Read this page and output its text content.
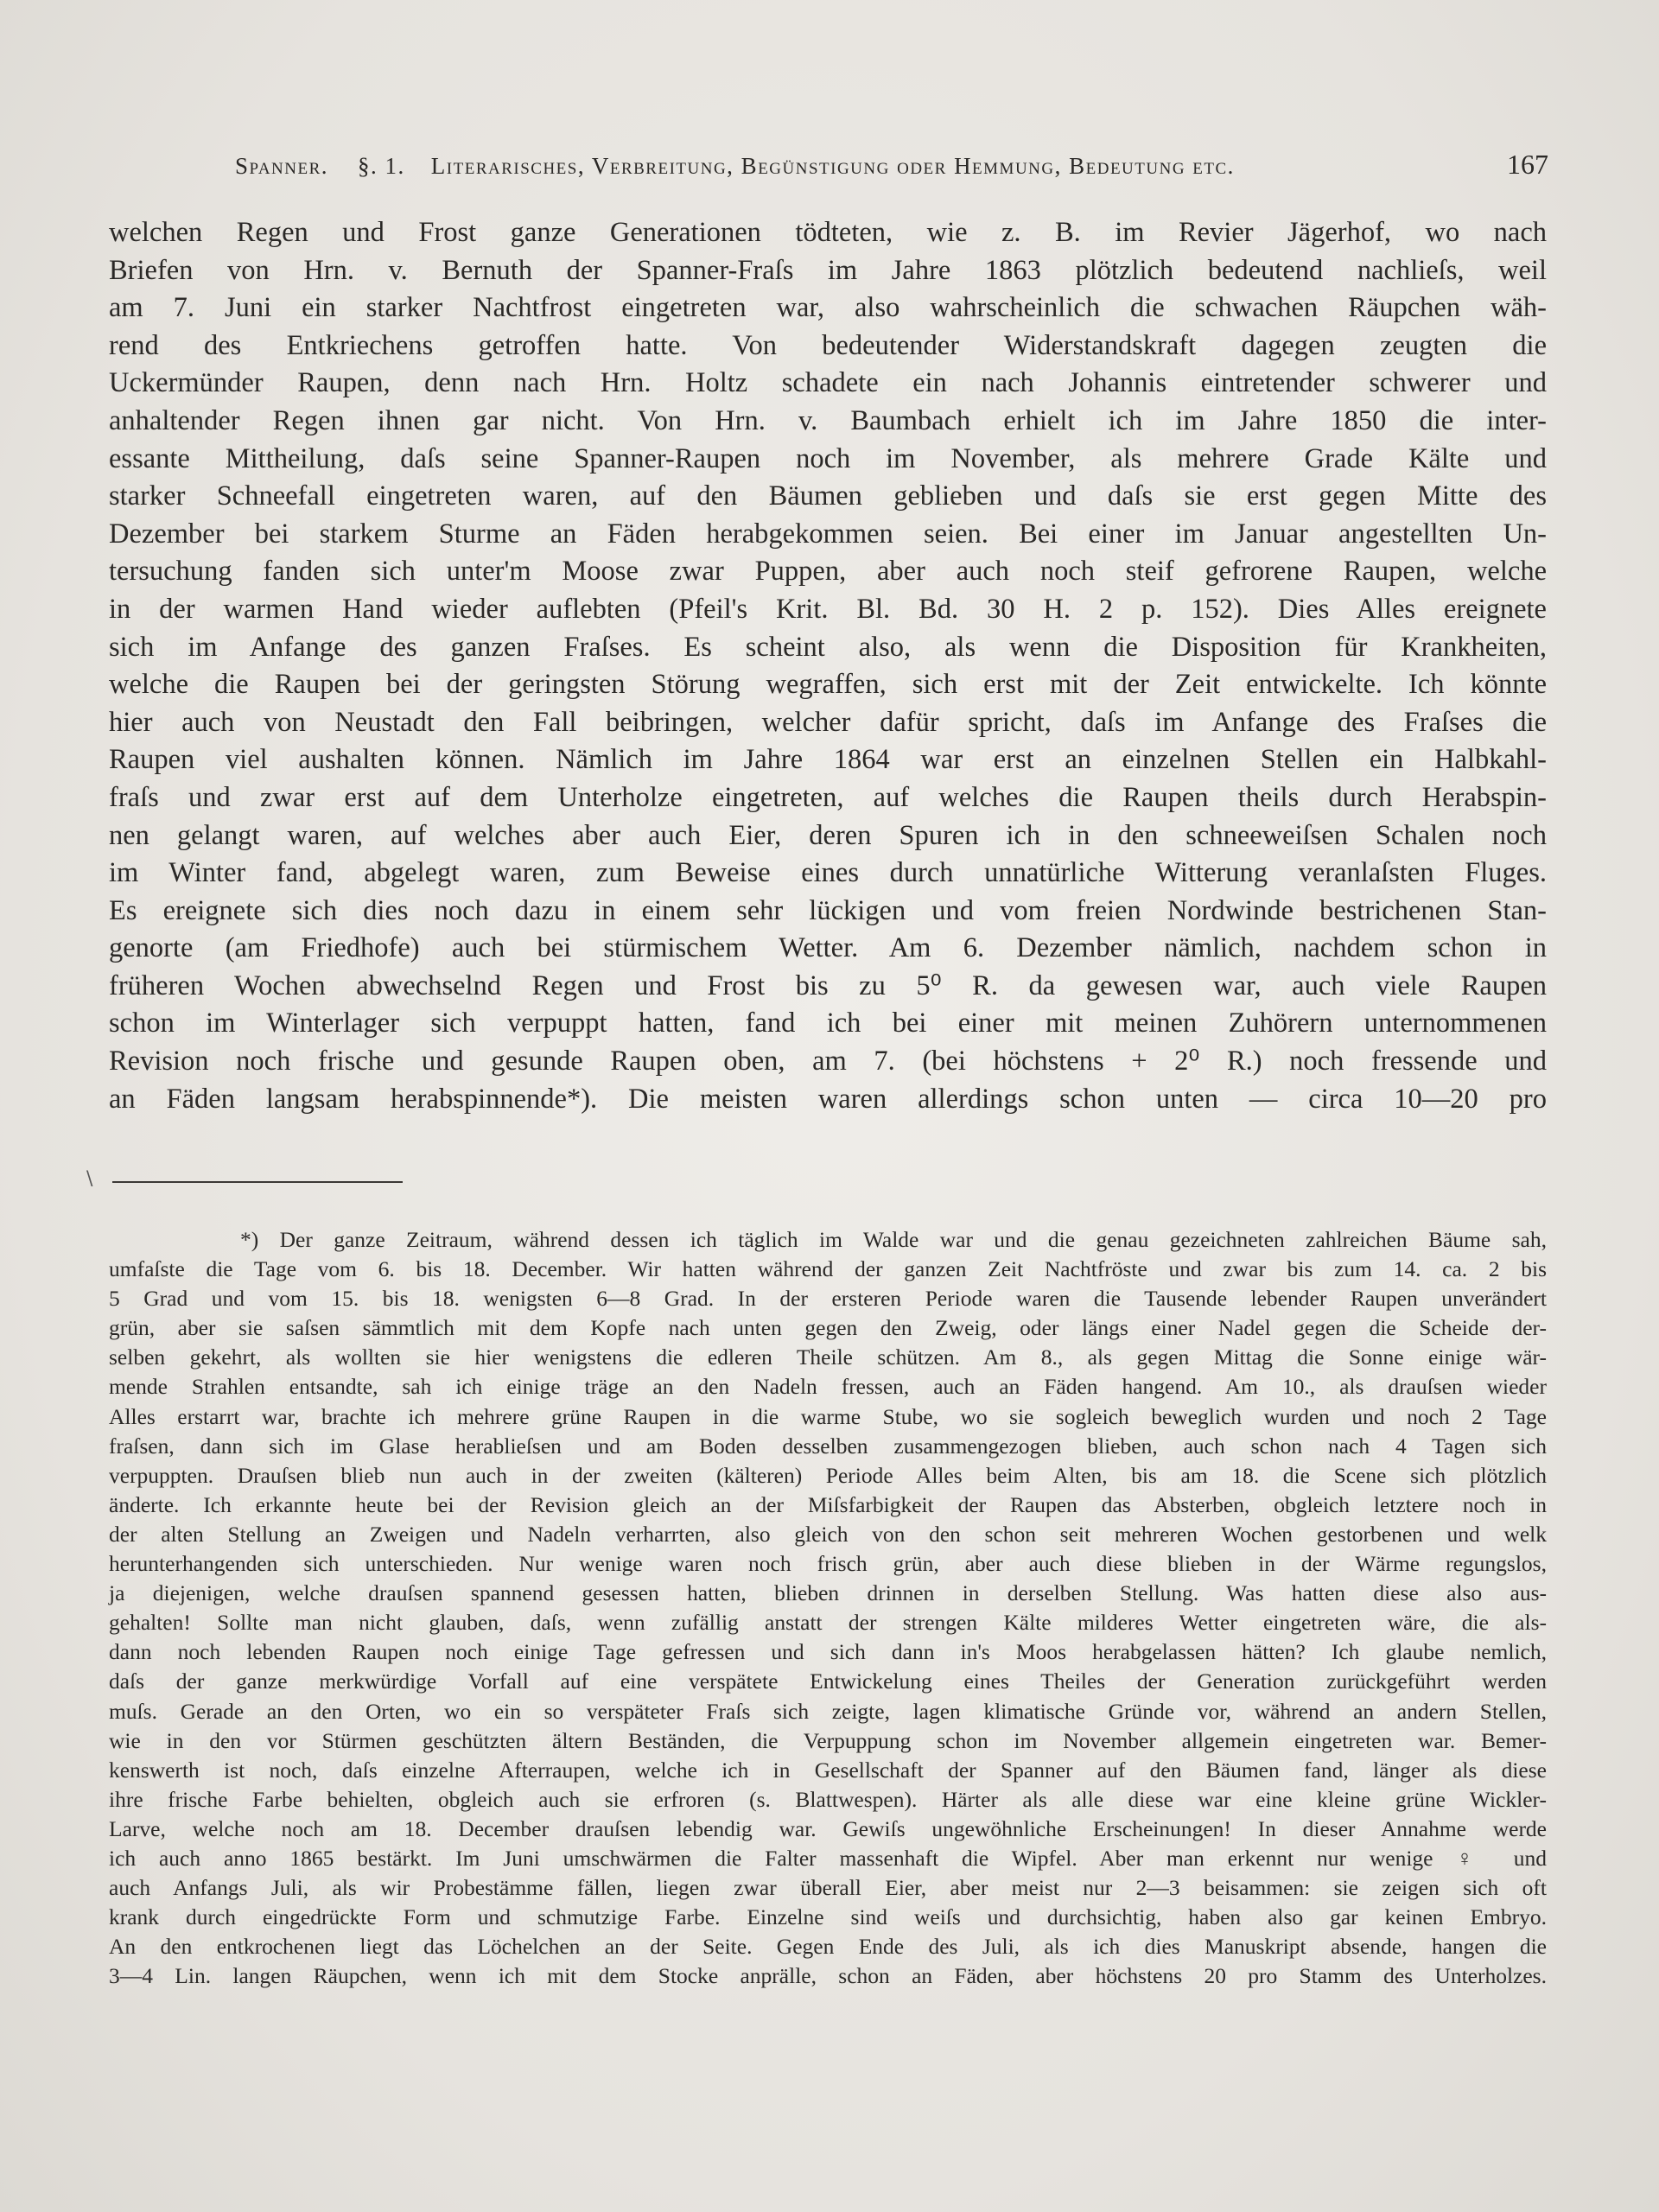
Spanner. §. 1. Literarisches, Verbreitung, Begünstigung oder Hemmung, Bedeutung etc.	167
welchen Regen und Frost ganze Generationen tödteten, wie z. B. im Revier Jägerhof, wo nach
Briefen von Hrn. v. Bernuth der Spanner-Fraſs im Jahre 1863 plötzlich bedeutend nachlieſs, weil
am 7. Juni ein starker Nachtfrost eingetreten war, also wahrscheinlich die schwachen Räupchen wäh-
rend des Entkriechens getroffen hatte. Von bedeutender Widerstandskraft dagegen zeugten die
Uckermünder Raupen, denn nach Hrn. Holtz schadete ein nach Johannis eintretender schwerer und
anhaltender Regen ihnen gar nicht. Von Hrn. v. Baumbach erhielt ich im Jahre 1850 die inter-
essante Mittheilung, daſs seine Spanner-Raupen noch im November, als mehrere Grade Kälte und
starker Schneefall eingetreten waren, auf den Bäumen geblieben und daſs sie erst gegen Mitte des
Dezember bei starkem Sturme an Fäden herabgekommen seien. Bei einer im Januar angestellten Un-
tersuchung fanden sich unter'm Moose zwar Puppen, aber auch noch steif gefrorene Raupen, welche
in der warmen Hand wieder auflebten (Pfeil's Krit. Bl. Bd. 30 H. 2 p. 152). Dies Alles ereignete
sich im Anfange des ganzen Fraſses. Es scheint also, als wenn die Disposition für Krankheiten,
welche die Raupen bei der geringsten Störung wegraffen, sich erst mit der Zeit entwickelte. Ich könnte
hier auch von Neustadt den Fall beibringen, welcher dafür spricht, daſs im Anfange des Fraſses die
Raupen viel aushalten können. Nämlich im Jahre 1864 war erst an einzelnen Stellen ein Halbkahl-
fraſs und zwar erst auf dem Unterholze eingetreten, auf welches die Raupen theils durch Herabspin-
nen gelangt waren, auf welches aber auch Eier, deren Spuren ich in den schneeweiſsen Schalen noch
im Winter fand, abgelegt waren, zum Beweise eines durch unnatürliche Witterung veranlaſsten Fluges.
Es ereignete sich dies noch dazu in einem sehr lückigen und vom freien Nordwinde bestrichenen Stan-
genorte (am Friedhofe) auch bei stürmischem Wetter. Am 6. Dezember nämlich, nachdem schon in
früheren Wochen abwechselnd Regen und Frost bis zu 5⁰ R. da gewesen war, auch viele Raupen
schon im Winterlager sich verpuppt hatten, fand ich bei einer mit meinen Zuhörern unternommenen
Revision noch frische und gesunde Raupen oben, am 7. (bei höchstens + 2⁰ R.) noch fressende und
an Fäden langsam herabspinnende*). Die meisten waren allerdings schon unten — circa 10—20 pro
\
*) Der ganze Zeitraum, während dessen ich täglich im Walde war und die genau gezeichneten zahlreichen Bäume sah,
umfaſste die Tage vom 6. bis 18. December. Wir hatten während der ganzen Zeit Nachtfröste und zwar bis zum 14. ca. 2 bis
5 Grad und vom 15. bis 18. wenigsten 6—8 Grad. In der ersteren Periode waren die Tausende lebender Raupen unverändert
grün, aber sie saſsen sämmtlich mit dem Kopfe nach unten gegen den Zweig, oder längs einer Nadel gegen die Scheide der-
selben gekehrt, als wollten sie hier wenigstens die edleren Theile schützen. Am 8., als gegen Mittag die Sonne einige wär-
mende Strahlen entsandte, sah ich einige träge an den Nadeln fressen, auch an Fäden hangend. Am 10., als drauſsen wieder
Alles erstarrt war, brachte ich mehrere grüne Raupen in die warme Stube, wo sie sogleich beweglich wurden und noch 2 Tage
fraſsen, dann sich im Glase herablieſsen und am Boden desselben zusammengezogen blieben, auch schon nach 4 Tagen sich
verpuppten. Drauſsen blieb nun auch in der zweiten (kälteren) Periode Alles beim Alten, bis am 18. die Scene sich plötzlich
änderte. Ich erkannte heute bei der Revision gleich an der Miſsfarbigkeit der Raupen das Absterben, obgleich letztere noch in
der alten Stellung an Zweigen und Nadeln verharrten, also gleich von den schon seit mehreren Wochen gestorbenen und welk
herunterhangenden sich unterschieden. Nur wenige waren noch frisch grün, aber auch diese blieben in der Wärme regungslos,
ja diejenigen, welche drauſsen spannend gesessen hatten, blieben drinnen in derselben Stellung. Was hatten diese also aus-
gehalten! Sollte man nicht glauben, daſs, wenn zufällig anstatt der strengen Kälte milderes Wetter eingetreten wäre, die als-
dann noch lebenden Raupen noch einige Tage gefressen und sich dann in's Moos herabgelassen hätten? Ich glaube nemlich,
daſs der ganze merkwürdige Vorfall auf eine verspätete Entwickelung eines Theiles der Generation zurückgeführt werden
muſs. Gerade an den Orten, wo ein so verspäteter Fraſs sich zeigte, lagen klimatische Gründe vor, während an andern Stellen,
wie in den vor Stürmen geschützten ältern Beständen, die Verpuppung schon im November allgemein eingetreten war. Bemer-
kenswerth ist noch, daſs einzelne Afterraupen, welche ich in Gesellschaft der Spanner auf den Bäumen fand, länger als diese
ihre frische Farbe behielten, obgleich auch sie erfroren (s. Blattwespen). Härter als alle diese war eine kleine grüne Wickler-
Larve, welche noch am 18. December drauſsen lebendig war. Gewiſs ungewöhnliche Erscheinungen! In dieser Annahme werde
ich auch anno 1865 bestärkt. Im Juni umschwärmen die Falter massenhaft die Wipfel. Aber man erkennt nur wenige ♀ und
auch Anfangs Juli, als wir Probestämme fällen, liegen zwar überall Eier, aber meist nur 2—3 beisammen: sie zeigen sich oft
krank durch eingedrückte Form und schmutzige Farbe. Einzelne sind weiſs und durchsichtig, haben also gar keinen Embryo.
An den entkrochenen liegt das Löchelchen an der Seite. Gegen Ende des Juli, als ich dies Manuskript absende, hangen die
3—4 Lin. langen Räupchen, wenn ich mit dem Stocke anprälle, schon an Fäden, aber höchstens 20 pro Stamm des Unterholzes.
